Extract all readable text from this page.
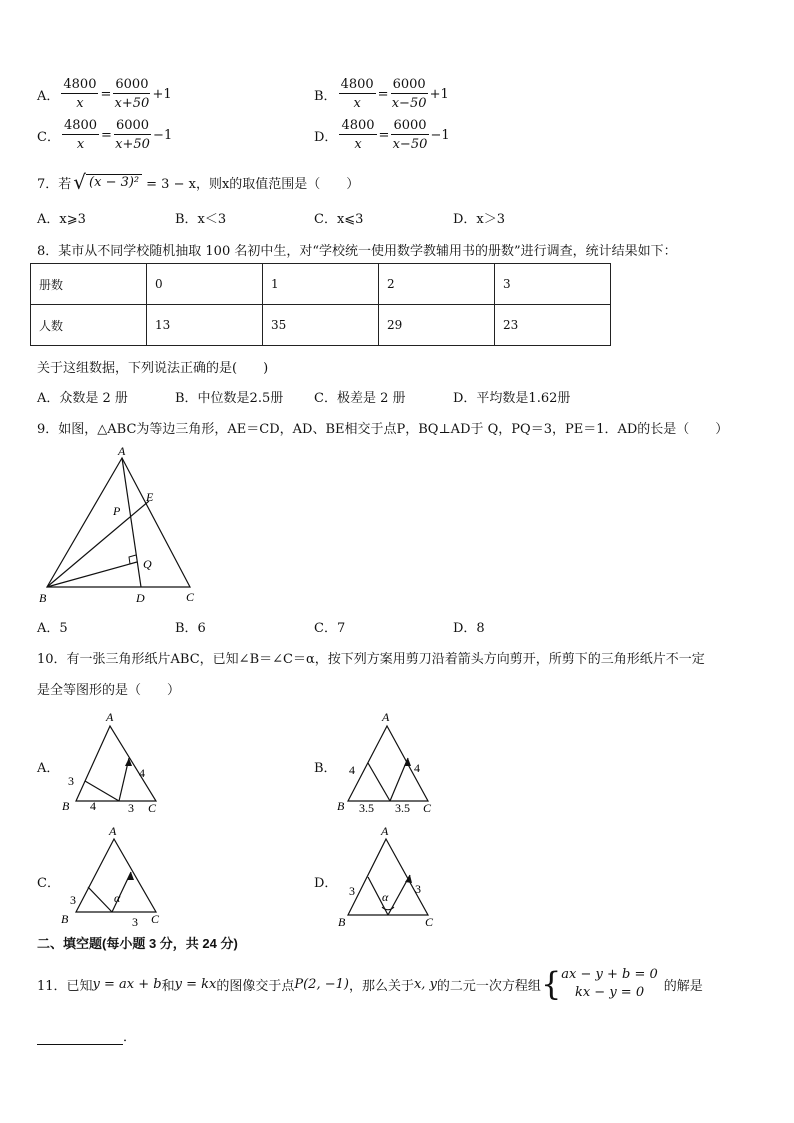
A． $\frac{4800}{x} = \frac{6000}{x+50} +1$	B． $\frac{4800}{x} = \frac{6000}{x-50} +1$
C． $\frac{4800}{x} = \frac{6000}{x+50} -1$	D． $\frac{4800}{x} = \frac{6000}{x-50} -1$
7．若 √ (x − 3)² = 3 − x，则x的取值范围是（　　）
A．x⩾3	B．x＜3	C．x⩽3	D．x＞3
8．某市从不同学校随机抽取 100 名初中生，对“学校统一使用数学教辅用书的册数”进行调查，统计结果如下：
册数	0	1	2	3
人数	13	35	29	23
关于这组数据，下列说法正确的是(　　)
A．众数是 2 册	B．中位数是2.5册 C．极差是 2 册	D．平均数是1.62册
9．如图，△ABC为等边三角形，AE＝CD，AD、BE相交于点P，BQ⊥AD于 Q，PQ＝3，PE＝1．AD的长是（　　）
A
B	C
D
E
P
Q
A．5	B．6	C．7	D．8
10．有一张三角形纸片ABC，已知∠B＝∠C＝α，按下列方案用剪刀沿着箭头方向剪开，所剪下的三角形纸片不一定
是全等图形的是（　　）
A．
A
B	C
3
4
4
3
B．
A
B	C
4	4
3.5 3.5
C．
A
B	C
3
3
α
D．
A
B	C
3	3
α
二、填空题(每小题 3 分，共 24 分)
11．已知 y = ax + b 和 y = kx 的图像交于点 P(2, −1) ，那么关于 x, y 的二元一次方程组 { ax − y + b = 0
kx − y = 0 的解是
．
